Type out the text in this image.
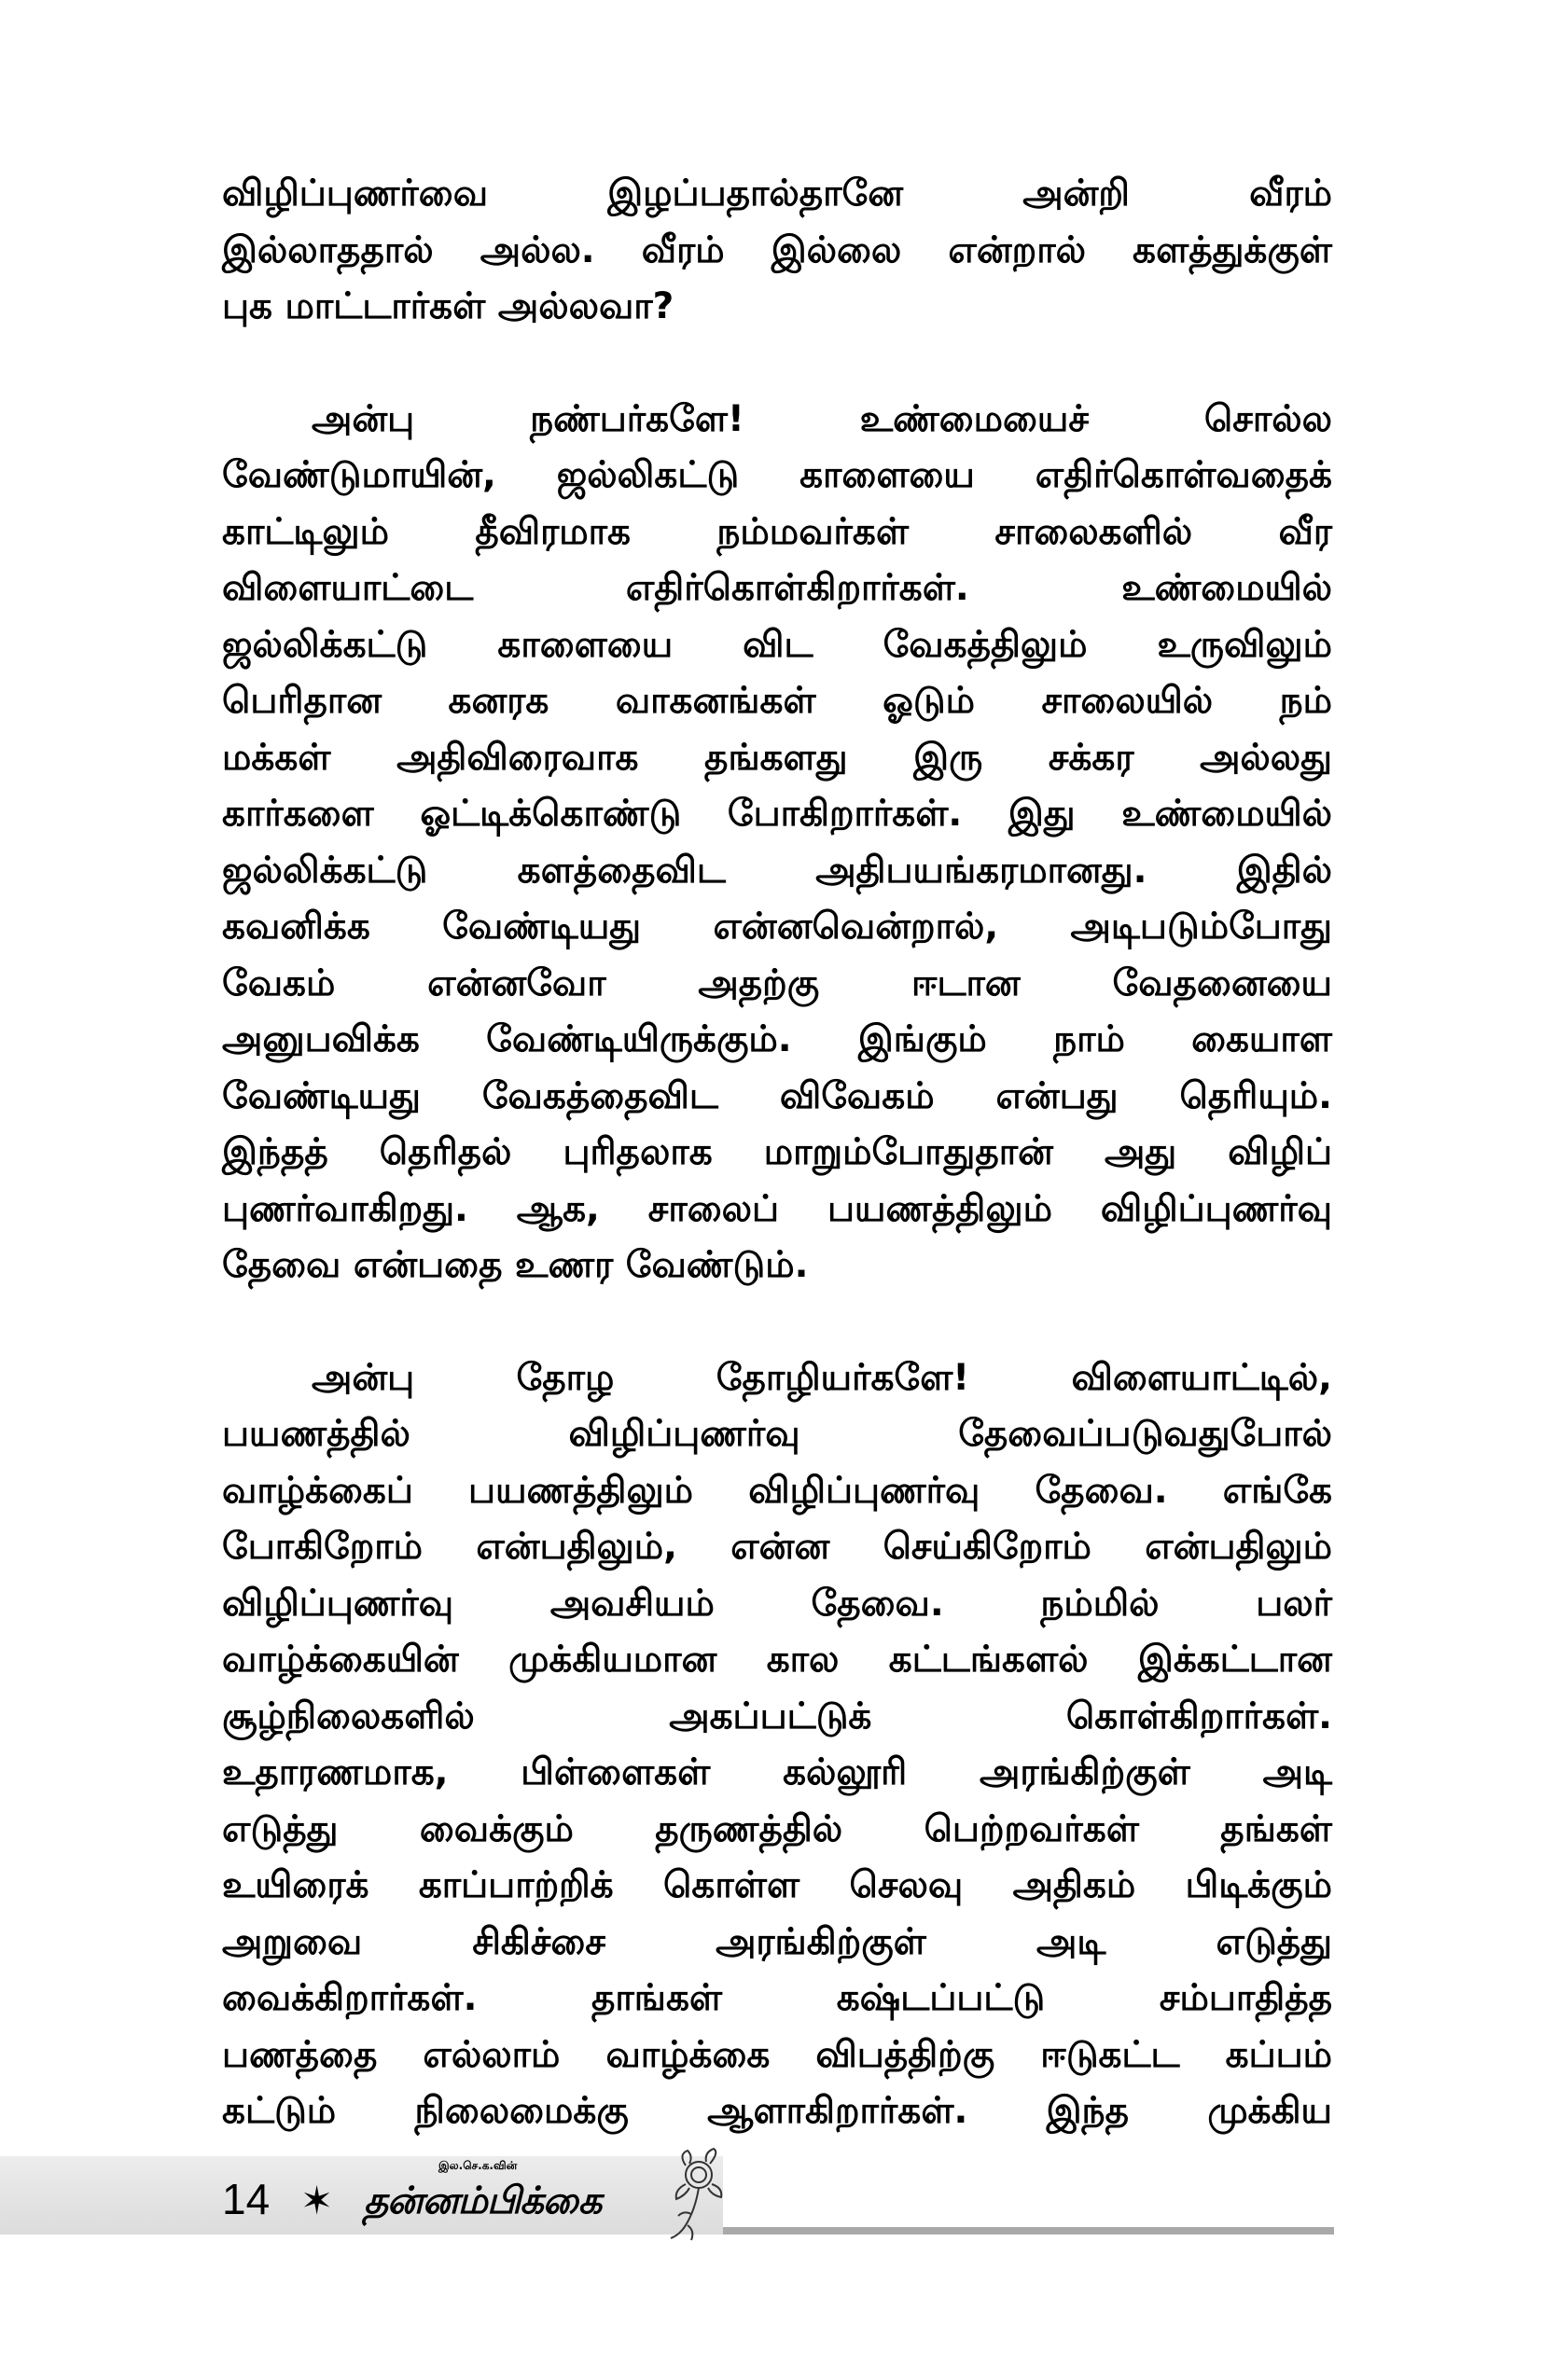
விழிப்புணர்வை இழப்பதால்தானே அன்றி வீரம்
இல்லாததால் அல்ல. வீரம் இல்லை என்றால் களத்துக்குள்
புக மாட்டார்கள் அல்லவா?

அன்பு நண்பர்களே! உண்மையைச் சொல்ல
வேண்டுமாயின், ஜல்லிகட்டு காளையை எதிர்கொள்வதைக்
காட்டிலும் தீவிரமாக நம்மவர்கள் சாலைகளில் வீர
விளையாட்டை எதிர்கொள்கிறார்கள். உண்மையில்
ஜல்லிக்கட்டு காளையை விட வேகத்திலும் உருவிலும்
பெரிதான கனரக வாகனங்கள் ஓடும் சாலையில் நம்
மக்கள் அதிவிரைவாக தங்களது இரு சக்கர அல்லது
கார்களை ஓட்டிக்கொண்டு போகிறார்கள். இது உண்மையில்
ஜல்லிக்கட்டு களத்தைவிட அதிபயங்கரமானது. இதில்
கவனிக்க வேண்டியது என்னவென்றால், அடிபடும்போது
வேகம் என்னவோ அதற்கு ஈடான வேதனையை
அனுபவிக்க வேண்டியிருக்கும். இங்கும் நாம் கையாள
வேண்டியது வேகத்தைவிட விவேகம் என்பது தெரியும்.
இந்தத் தெரிதல் புரிதலாக மாறும்போதுதான் அது விழிப்
புணர்வாகிறது. ஆக, சாலைப் பயணத்திலும் விழிப்புணர்வு
தேவை என்பதை உணர வேண்டும்.

அன்பு தோழ தோழியர்களே! விளையாட்டில்,
பயணத்தில் விழிப்புணர்வு தேவைப்படுவதுபோல்
வாழ்க்கைப் பயணத்திலும் விழிப்புணர்வு தேவை. எங்கே
போகிறோம் என்பதிலும், என்ன செய்கிறோம் என்பதிலும்
விழிப்புணர்வு அவசியம் தேவை. நம்மில் பலர்
வாழ்க்கையின் முக்கியமான கால கட்டங்களல் இக்கட்டான
சூழ்நிலைகளில் அகப்பட்டுக் கொள்கிறார்கள்.
உதாரணமாக, பிள்ளைகள் கல்லூரி அரங்கிற்குள் அடி
எடுத்து வைக்கும் தருணத்தில் பெற்றவர்கள் தங்கள்
உயிரைக் காப்பாற்றிக் கொள்ள செலவு அதிகம் பிடிக்கும்
அறுவை சிகிச்சை அரங்கிற்குள் அடி எடுத்து
வைக்கிறார்கள். தாங்கள் கஷ்டப்பட்டு சம்பாதித்த
பணத்தை எல்லாம் வாழ்க்கை விபத்திற்கு ஈடுகட்ட கப்பம்
கட்டும் நிலைமைக்கு ஆளாகிறார்கள். இந்த முக்கிய

14 ✶
இல.செ.க.வின்
தன்னம்பிக்கை
